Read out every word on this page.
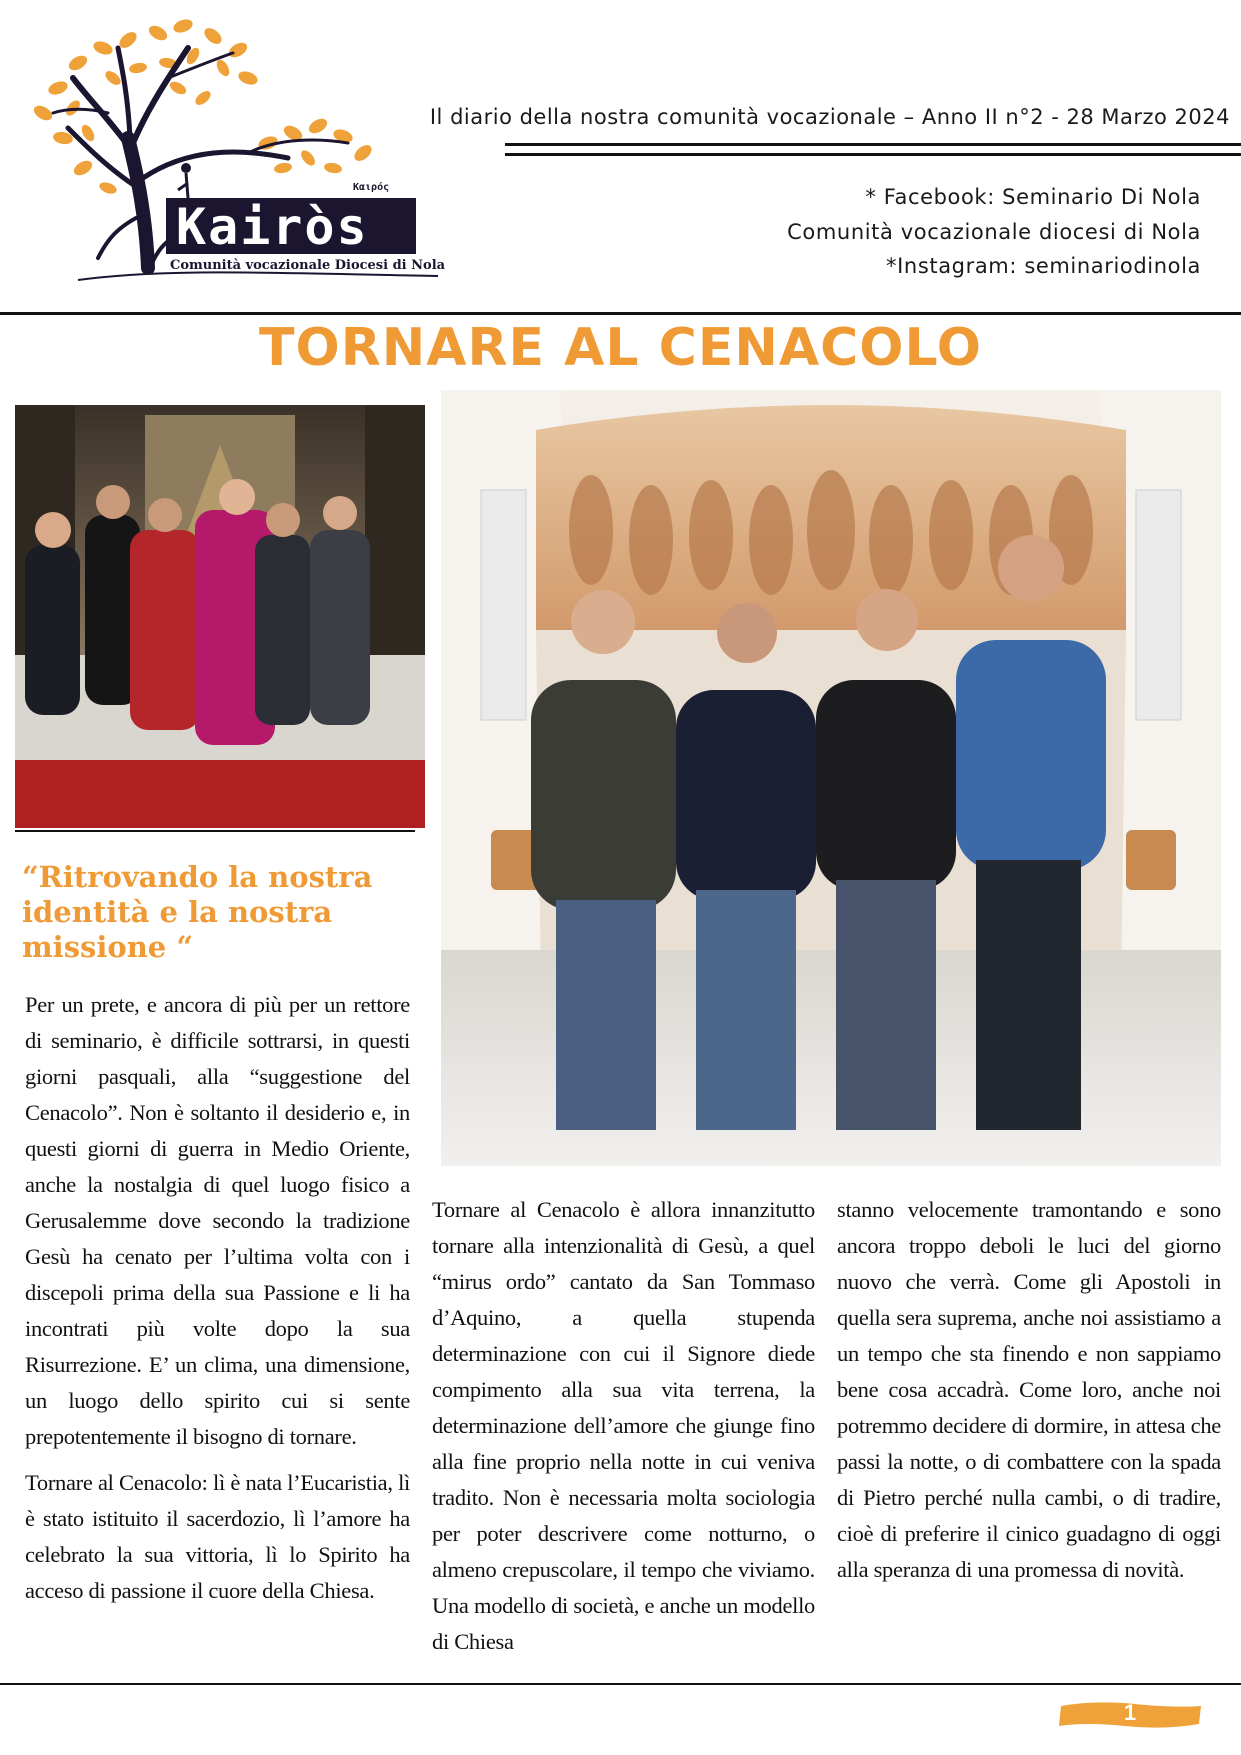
Kairòs
Καιρός
Comunità vocazionale Diocesi di Nola
Il diario della nostra comunità vocazionale – Anno II n°2 - 28 Marzo 2024
* Facebook: Seminario Di Nola
Comunità vocazionale diocesi di Nola
*Instagram: seminariodinola
TORNARE AL CENACOLO
“Ritrovando la nostra identità e la nostra missione “

Per un prete, e ancora di più per un rettore di seminario, è difficile sottrarsi, in questi giorni pasquali, alla “suggestione del Cenacolo”. Non è soltanto il desiderio e, in questi giorni di guerra in Medio Oriente, anche la nostalgia di quel luogo fisico a Gerusalemme dove secondo la tradizione Gesù ha cenato per l’ultima volta con i discepoli prima della sua Passione e li ha incontrati più volte dopo la sua Risurrezione. E’ un clima, una dimensione, un luogo dello spirito cui si sente prepotentemente il bisogno di tornare.

Tornare al Cenacolo: lì è nata l’Eucaristia, lì è stato istituito il sacerdozio, lì l’amore ha celebrato la sua vittoria, lì lo Spirito ha acceso di passione il cuore della Chiesa.

Tornare al Cenacolo è allora innanzitutto tornare alla intenzionalità di Gesù, a quel “mirus ordo” cantato da San Tommaso d’Aquino, a quella stupenda determinazione con cui il Signore diede compimento alla sua vita terrena, la determinazione dell’amore che giunge fino alla fine proprio nella notte in cui veniva tradito. Non è necessaria molta sociologia per poter descrivere come notturno, o almeno crepuscolare, il tempo che viviamo. Una modello di società, e anche un modello di Chiesa

stanno velocemente tramontando e sono ancora troppo deboli le luci del giorno nuovo che verrà. Come gli Apostoli in quella sera suprema, anche noi assistiamo a un tempo che sta finendo e non sappiamo bene cosa accadrà. Come loro, anche noi potremmo decidere di dormire, in attesa che passi la notte, o di combattere con la spada di Pietro perché nulla cambi, o di tradire, cioè di preferire il cinico guadagno di oggi alla speranza di una promessa di novità.

1
